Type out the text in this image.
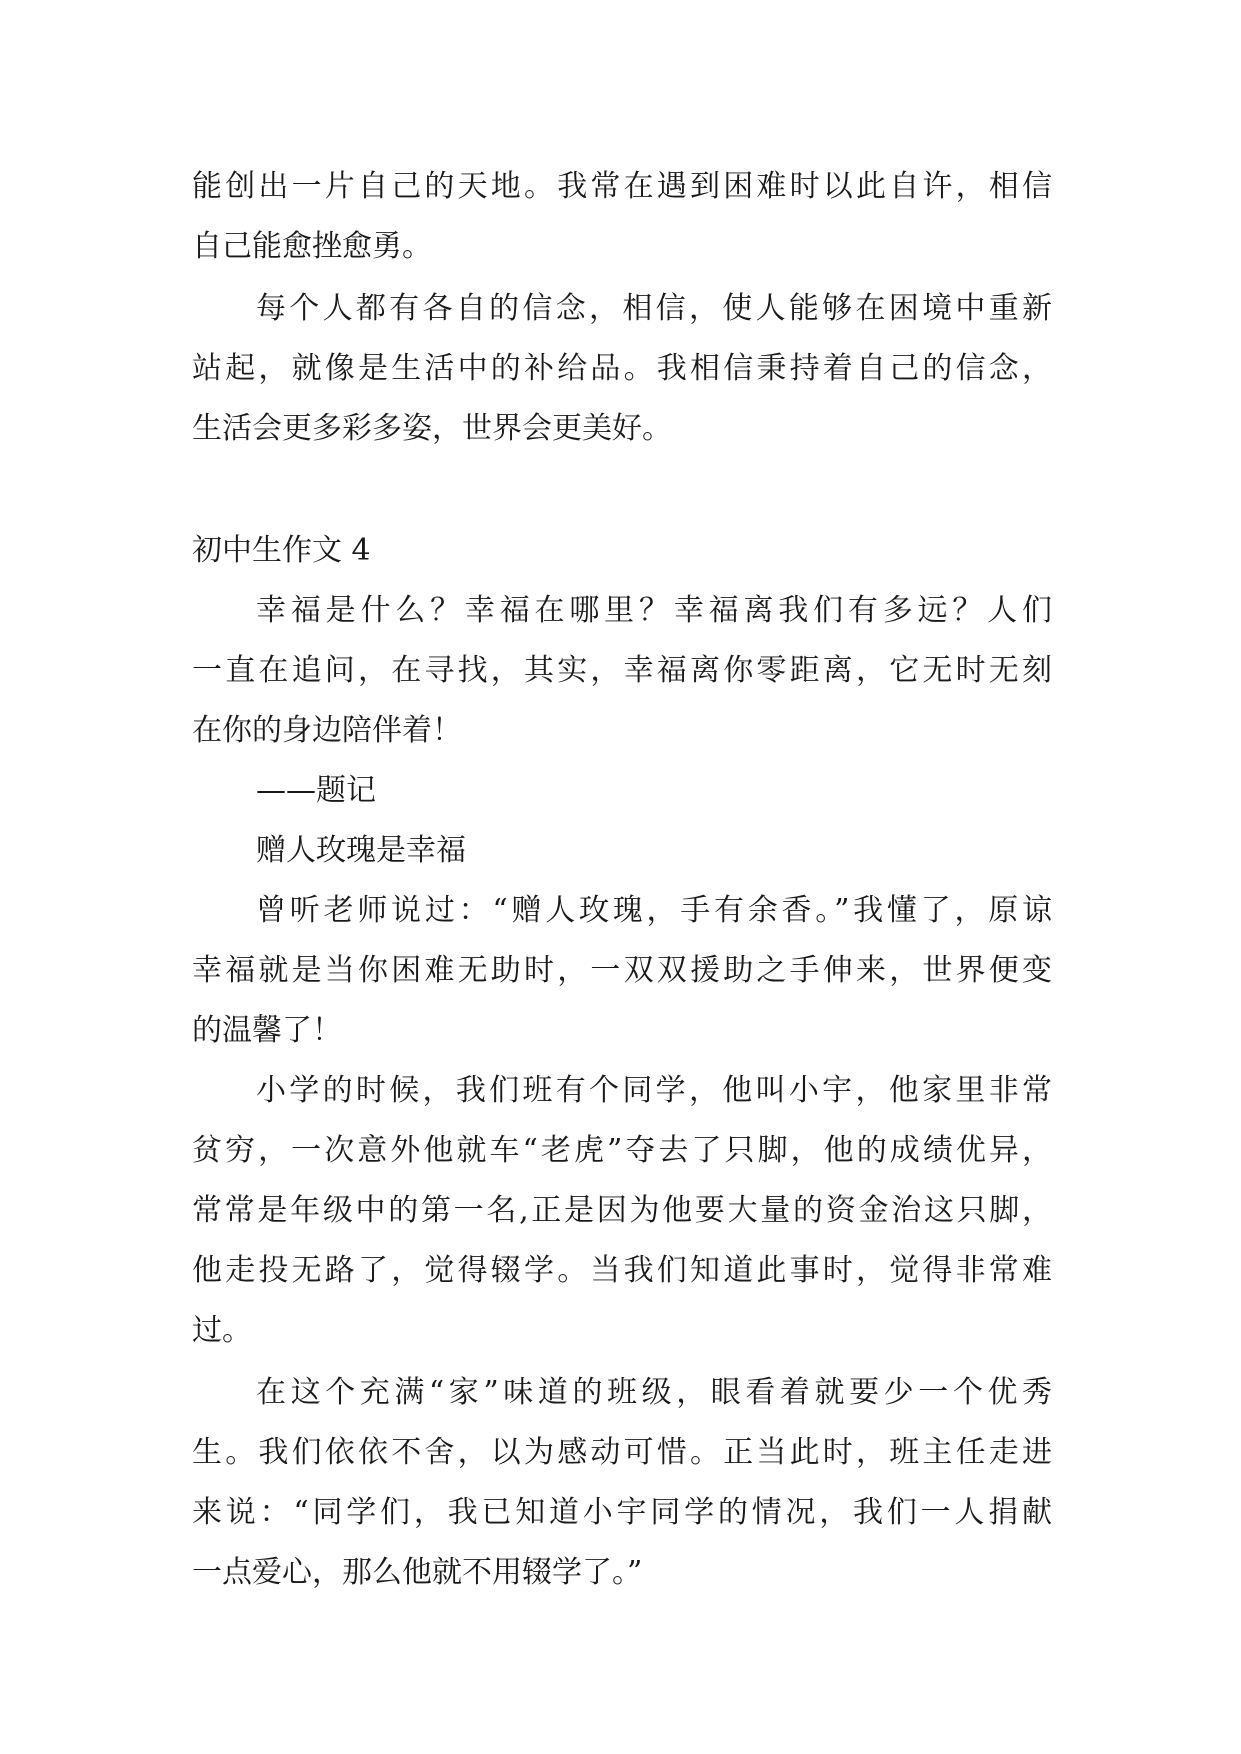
能创出一片自己的天地。我常在遇到困难时以此自许，相信
自己能愈挫愈勇。
每个人都有各自的信念，相信，使人能够在困境中重新
站起，就像是生活中的补给品。我相信秉持着自己的信念，
生活会更多彩多姿，世界会更美好。
初中生作文 4
幸福是什么？幸福在哪里？幸福离我们有多远？人们
一直在追问，在寻找，其实，幸福离你零距离，它无时无刻
在你的身边陪伴着！
——题记
赠人玫瑰是幸福
曾听老师说过：“赠人玫瑰，手有余香。”我懂了，原谅
幸福就是当你困难无助时，一双双援助之手伸来，世界便变
的温馨了！
小学的时候，我们班有个同学，他叫小宇，他家里非常
贫穷，一次意外他就车“老虎”夺去了只脚，他的成绩优异，
常常是年级中的第一名,正是因为他要大量的资金治这只脚，
他走投无路了，觉得辍学。当我们知道此事时，觉得非常难
过。
在这个充满“家”味道的班级，眼看着就要少一个优秀
生。我们依依不舍，以为感动可惜。正当此时，班主任走进
来说：“同学们，我已知道小宇同学的情况，我们一人捐献
一点爱心，那么他就不用辍学了。”
